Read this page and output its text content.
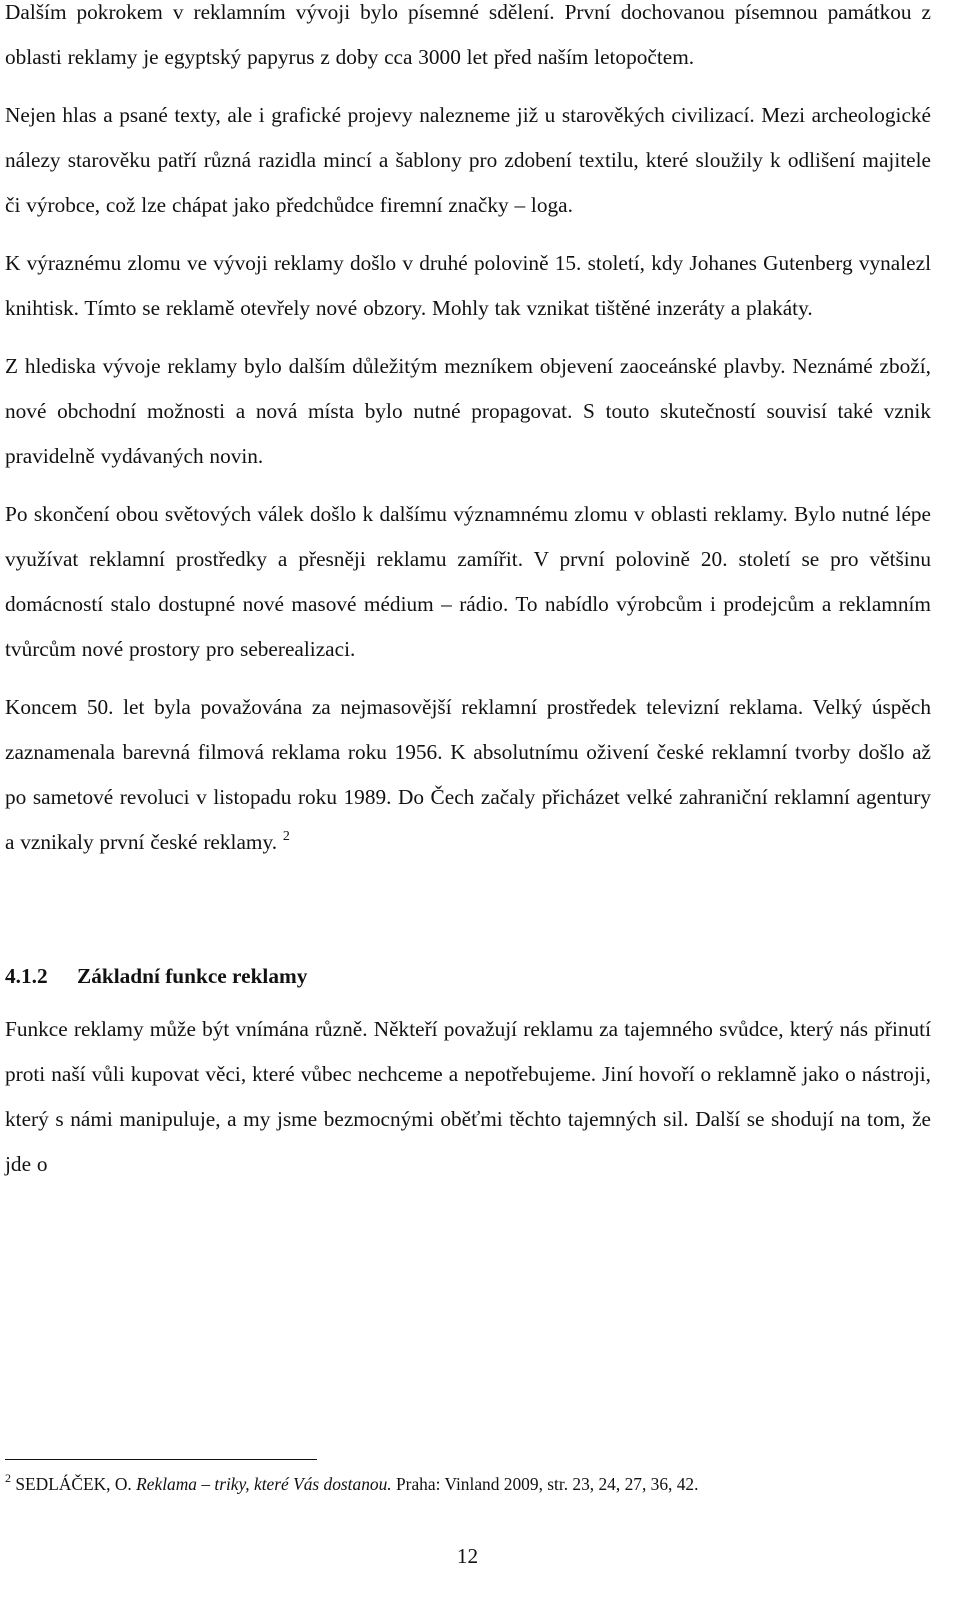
Dalším pokrokem v reklamním vývoji bylo písemné sdělení. První dochovanou písemnou památkou z oblasti reklamy je egyptský papyrus z doby cca 3000 let před naším letopočtem.

Nejen hlas a psané texty, ale i grafické projevy nalezneme již u starověkých civilizací. Mezi archeologické nálezy starověku patří různá razidla mincí a šablony pro zdobení textilu, které sloužily k odlišení majitele či výrobce, což lze chápat jako předchůdce firemní značky – loga.

K výraznému zlomu ve vývoji reklamy došlo v druhé polovině 15. století, kdy Johanes Gutenberg vynalezl knihtisk. Tímto se reklamě otevřely nové obzory. Mohly tak vznikat tištěné inzeráty a plakáty.

Z hlediska vývoje reklamy bylo dalším důležitým mezníkem objevení zaoceánské plavby. Neznámé zboží, nové obchodní možnosti a nová místa bylo nutné propagovat. S touto skutečností souvisí také vznik pravidelně vydávaných novin.

Po skončení obou světových válek došlo k dalšímu významnému zlomu v oblasti reklamy. Bylo nutné lépe využívat reklamní prostředky a přesněji reklamu zamířit. V první polovině 20. století se pro většinu domácností stalo dostupné nové masové médium – rádio. To nabídlo výrobcům i prodejcům a reklamním tvůrcům nové prostory pro seberealizaci.

Koncem 50. let byla považována za nejmasovější reklamní prostředek televizní reklama. Velký úspěch zaznamenala barevná filmová reklama roku 1956. K absolutnímu oživení české reklamní tvorby došlo až po sametové revoluci v listopadu roku 1989. Do Čech začaly přicházet velké zahraniční reklamní agentury a vznikaly první české reklamy. $^2$

4.1.2 Základní funkce reklamy

Funkce reklamy může být vnímána různě. Někteří považují reklamu za tajemného svůdce, který nás přinutí proti naší vůli kupovat věci, které vůbec nechceme a nepotřebujeme. Jiní hovoří o reklamně jako o nástroji, který s námi manipuluje, a my jsme bezmocnými oběťmi těchto tajemných sil. Další se shodují na tom, že jde o

$^2$ SEDLÁČEK, O. Reklama – triky, které Vás dostanou. Praha: Vinland 2009, str. 23, 24, 27, 36, 42.
12
